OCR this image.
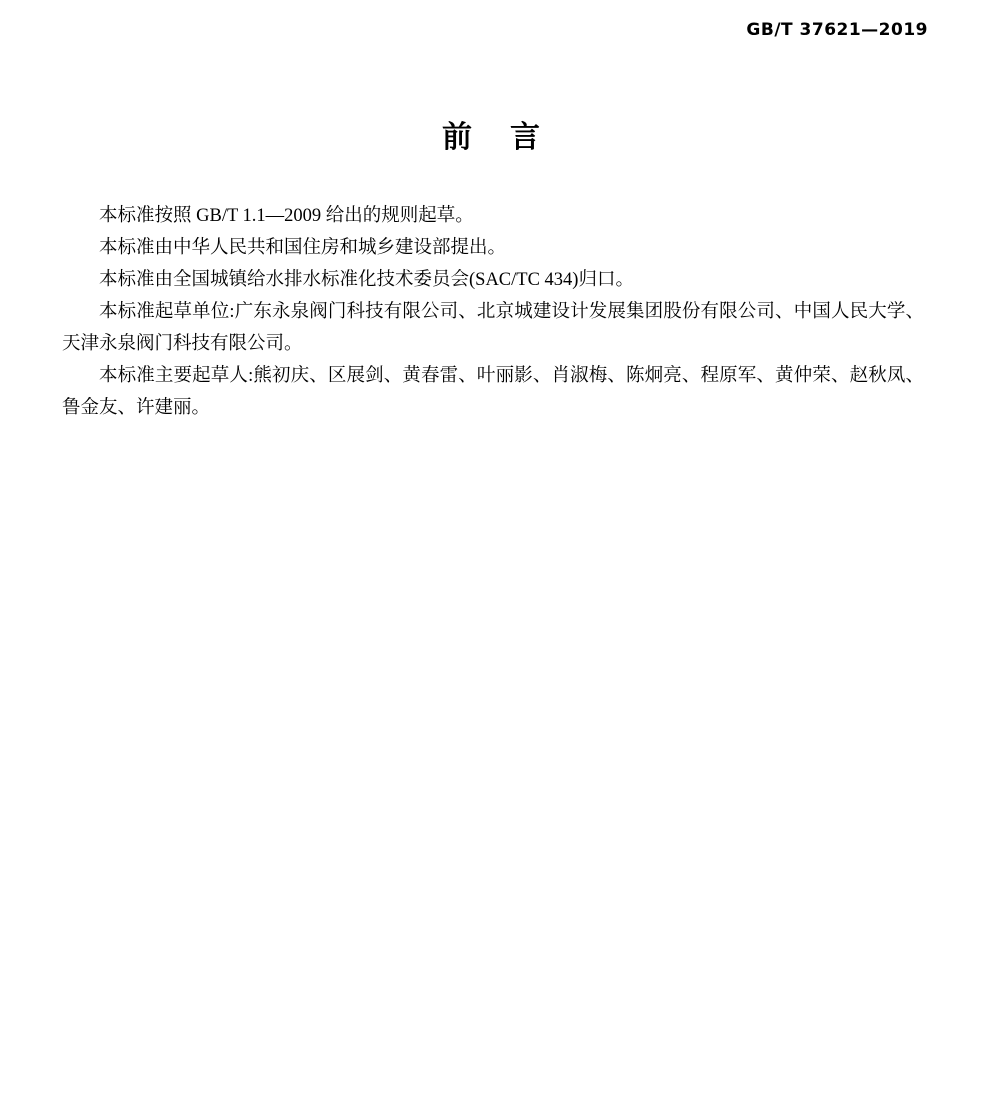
GB/T 37621—2019
前 言

本标准按照 GB/T 1.1—2009 给出的规则起草。

本标准由中华人民共和国住房和城乡建设部提出。

本标准由全国城镇给水排水标准化技术委员会(SAC/TC 434)归口。

本标准起草单位:广东永泉阀门科技有限公司、北京城建设计发展集团股份有限公司、中国人民大学、天津永泉阀门科技有限公司。

本标准主要起草人:熊初庆、区展剑、黄春雷、叶丽影、肖淑梅、陈炯亮、程原军、黄仲荣、赵秋凤、鲁金友、许建丽。
